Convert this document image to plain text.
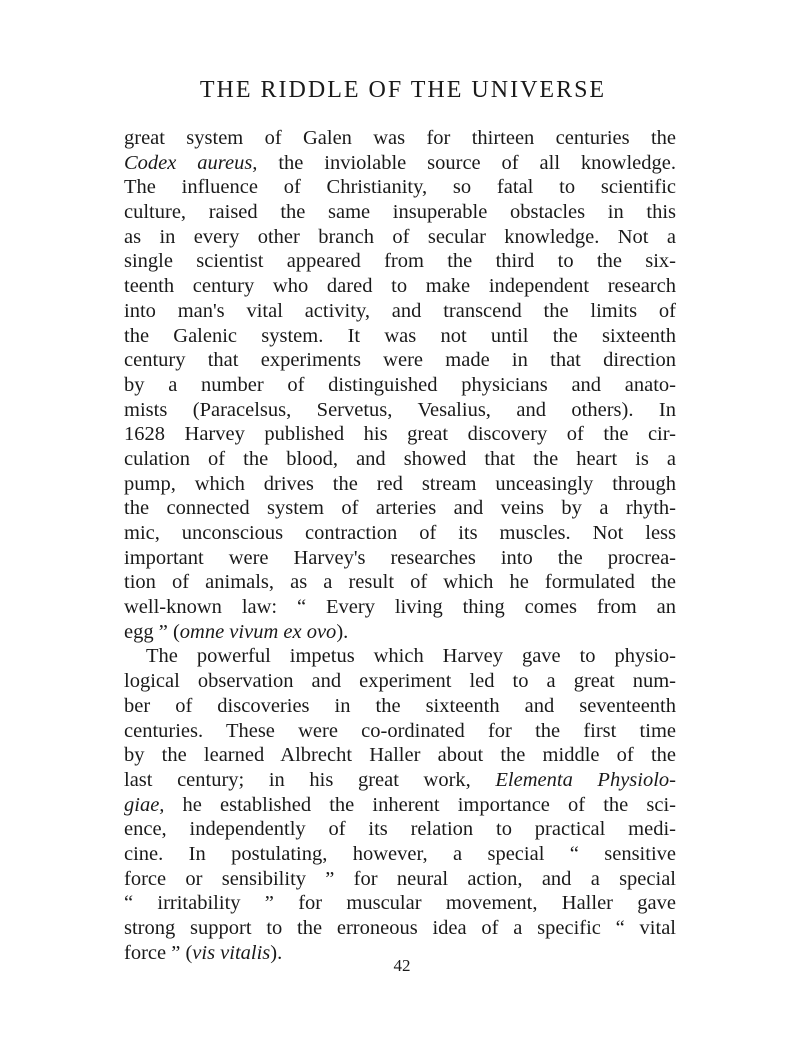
THE RIDDLE OF THE UNIVERSE
great system of Galen was for thirteen centuries the
Codex aureus, the inviolable source of all knowledge.
The influence of Christianity, so fatal to scientific
culture, raised the same insuperable obstacles in this
as in every other branch of secular knowledge. Not a
single scientist appeared from the third to the six-
teenth century who dared to make independent research
into man's vital activity, and transcend the limits of
the Galenic system. It was not until the sixteenth
century that experiments were made in that direction
by a number of distinguished physicians and anato-
mists (Paracelsus, Servetus, Vesalius, and others). In
1628 Harvey published his great discovery of the cir-
culation of the blood, and showed that the heart is a
pump, which drives the red stream unceasingly through
the connected system of arteries and veins by a rhyth-
mic, unconscious contraction of its muscles. Not less
important were Harvey's researches into the procrea-
tion of animals, as a result of which he formulated the
well-known law: “ Every living thing comes from an
egg ” (omne vivum ex ovo).
The powerful impetus which Harvey gave to physio-
logical observation and experiment led to a great num-
ber of discoveries in the sixteenth and seventeenth
centuries. These were co-ordinated for the first time
by the learned Albrecht Haller about the middle of the
last century; in his great work, Elementa Physiolo-
giae, he established the inherent importance of the sci-
ence, independently of its relation to practical medi-
cine. In postulating, however, a special “ sensitive
force or sensibility ” for neural action, and a special
“ irritability ” for muscular movement, Haller gave
strong support to the erroneous idea of a specific “ vital
force ” (vis vitalis).
42
